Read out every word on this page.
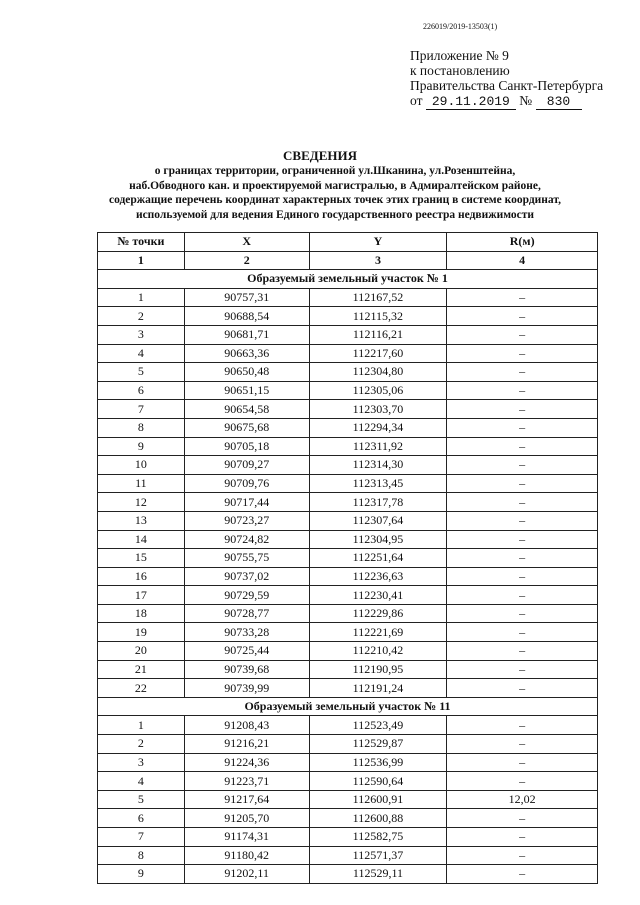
226019/2019-13503(1)
Приложение № 9
к постановлению
Правительства Санкт-Петербурга
от 29.11.2019 № 830
СВЕДЕНИЯ
о границах территории, ограниченной ул.Шканина, ул.Розенштейна,
наб.Обводного кан. и проектируемой магистралью, в Адмиралтейском районе,
содержащие перечень координат характерных точек этих границ в системе координат,
используемой для ведения Единого государственного реестра недвижимости
№ точки	X	Y	R(м)
1	2	3	4
Образуемый земельный участок № 1			
1	90757,31	112167,52	–
2	90688,54	112115,32	–
3	90681,71	112116,21	–
4	90663,36	112217,60	–
5	90650,48	112304,80	–
6	90651,15	112305,06	–
7	90654,58	112303,70	–
8	90675,68	112294,34	–
9	90705,18	112311,92	–
10	90709,27	112314,30	–
11	90709,76	112313,45	–
12	90717,44	112317,78	–
13	90723,27	112307,64	–
14	90724,82	112304,95	–
15	90755,75	112251,64	–
16	90737,02	112236,63	–
17	90729,59	112230,41	–
18	90728,77	112229,86	–
19	90733,28	112221,69	–
20	90725,44	112210,42	–
21	90739,68	112190,95	–
22	90739,99	112191,24	–
Образуемый земельный участок № 11			
1	91208,43	112523,49	–
2	91216,21	112529,87	–
3	91224,36	112536,99	–
4	91223,71	112590,64	–
5	91217,64	112600,91	12,02
6	91205,70	112600,88	–
7	91174,31	112582,75	–
8	91180,42	112571,37	–
9	91202,11	112529,11	–
